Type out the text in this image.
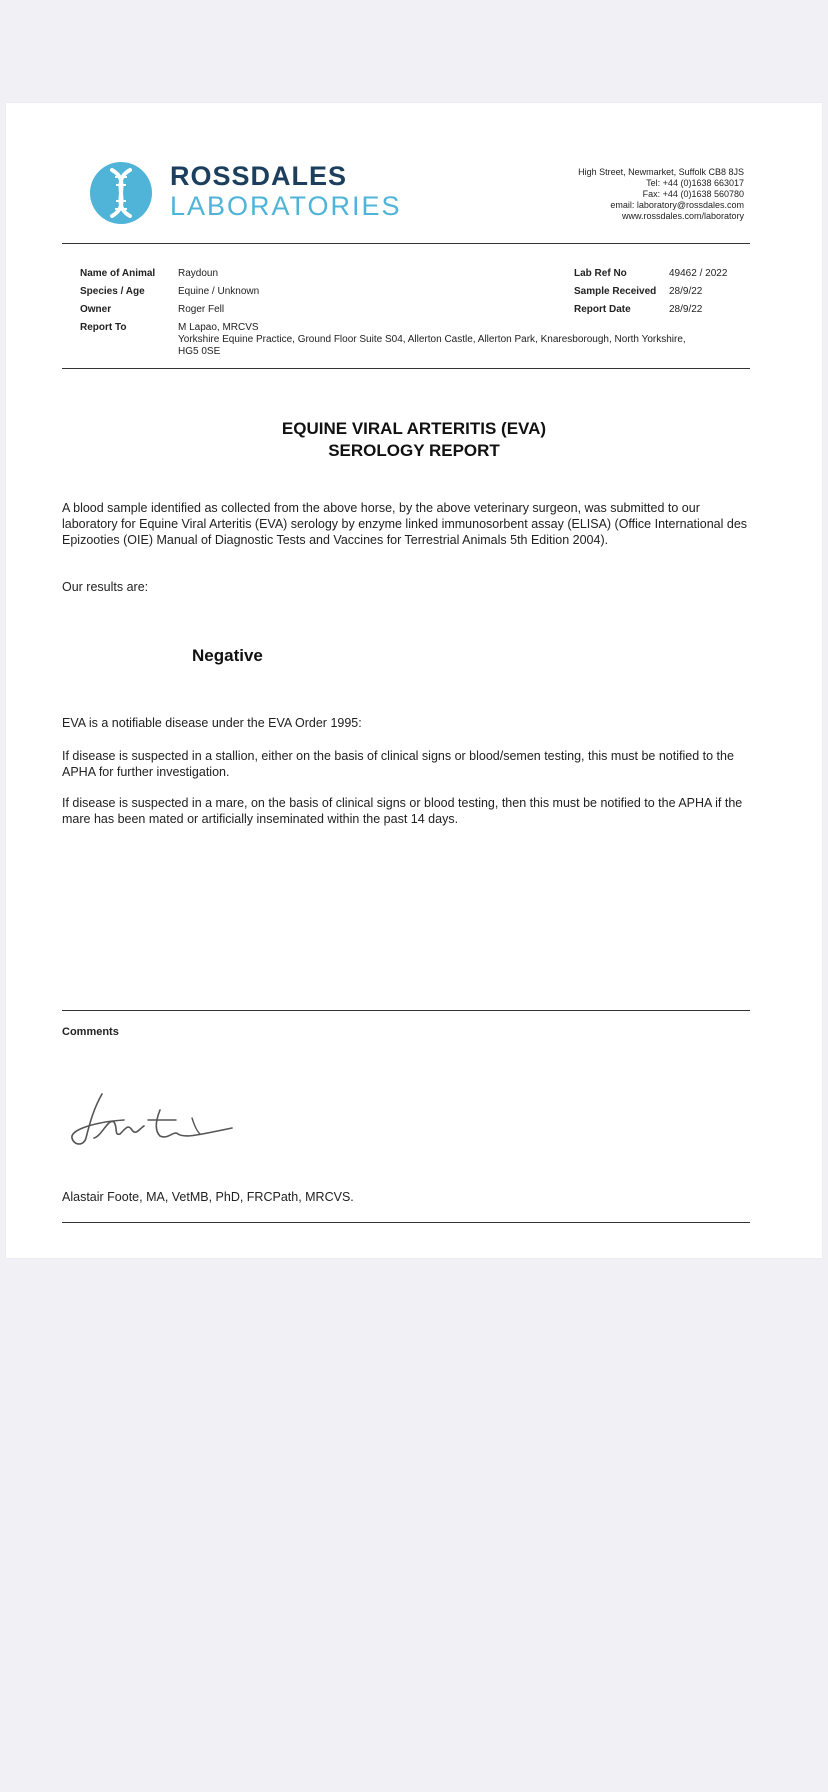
ROSSDALES
LABORATORIES
High Street, Newmarket, Suffolk CB8 8JS
Tel: +44 (0)1638 663017
Fax: +44 (0)1638 560780
email: laboratory@rossdales.com
www.rossdales.com/laboratory
Name of Animal Raydoun	Lab Ref No	49462 / 2022
Species / Age	Equine / Unknown	Sample Received 28/9/22
Owner	Roger Fell	Report Date	28/9/22
Report To	M Lapao, MRCVS
Yorkshire Equine Practice, Ground Floor Suite S04, Allerton Castle, Allerton Park, Knaresborough, North Yorkshire,
HG5 0SE
EQUINE VIRAL ARTERITIS (EVA)
SEROLOGY REPORT
A blood sample identified as collected from the above horse, by the above veterinary surgeon, was submitted to our laboratory for Equine Viral Arteritis (EVA) serology by enzyme linked immunosorbent assay (ELISA) (Office International des Epizooties (OIE) Manual of Diagnostic Tests and Vaccines for Terrestrial Animals 5th Edition 2004).
Our results are:
Negative
EVA is a notifiable disease under the EVA Order 1995:
If disease is suspected in a stallion, either on the basis of clinical signs or blood/semen testing, this must be notified to the APHA for further investigation.
If disease is suspected in a mare, on the basis of clinical signs or blood testing, then this must be notified to the APHA if the mare has been mated or artificially inseminated within the past 14 days.
Comments
Alastair Foote, MA, VetMB, PhD, FRCPath, MRCVS.
